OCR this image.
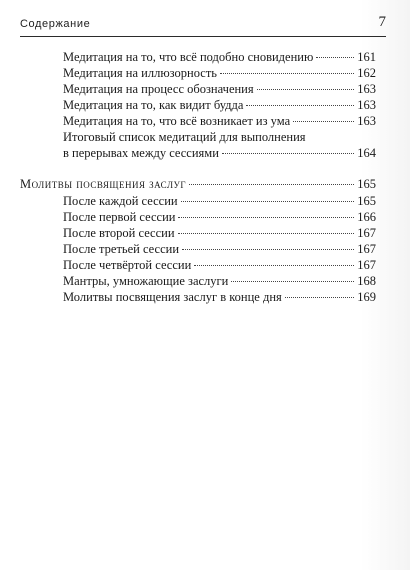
Содержание	7
Медитация на то, что всё подобно сновидению	161
Медитация на иллюзорность	162
Медитация на процесс обозначения	163
Медитация на то, как видит будда	163
Медитация на то, что всё возникает из ума	163
Итоговый список медитаций для выполнения
в перерывах между сессиями	164
Молитвы посвящения заслуг	165
После каждой сессии	165
После первой сессии	166
После второй сессии	167
После третьей сессии	167
После четвёртой сессии	167
Мантры, умножающие заслуги	168
Молитвы посвящения заслуг в конце дня	169
